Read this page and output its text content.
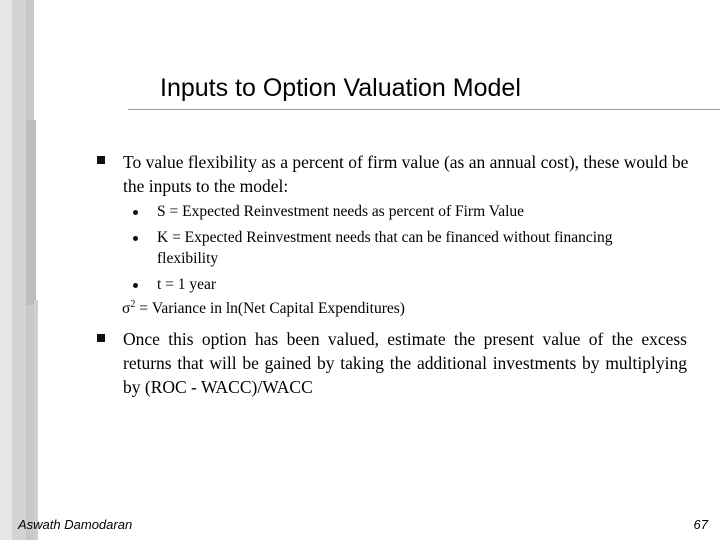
Inputs to Option Valuation Model
To value flexibility as a percent of firm value (as an annual cost), these would be the inputs to the model:
S = Expected Reinvestment needs as percent of Firm Value
K = Expected Reinvestment needs that can be financed without financing
flexibility
t = 1 year
$\sigma^2$ = Variance in ln(Net Capital Expenditures)
Once this option has been valued, estimate the present value of the excess returns that will be gained by taking the additional investments by multiplying by (ROC - WACC)/WACC
Aswath Damodaran	67
